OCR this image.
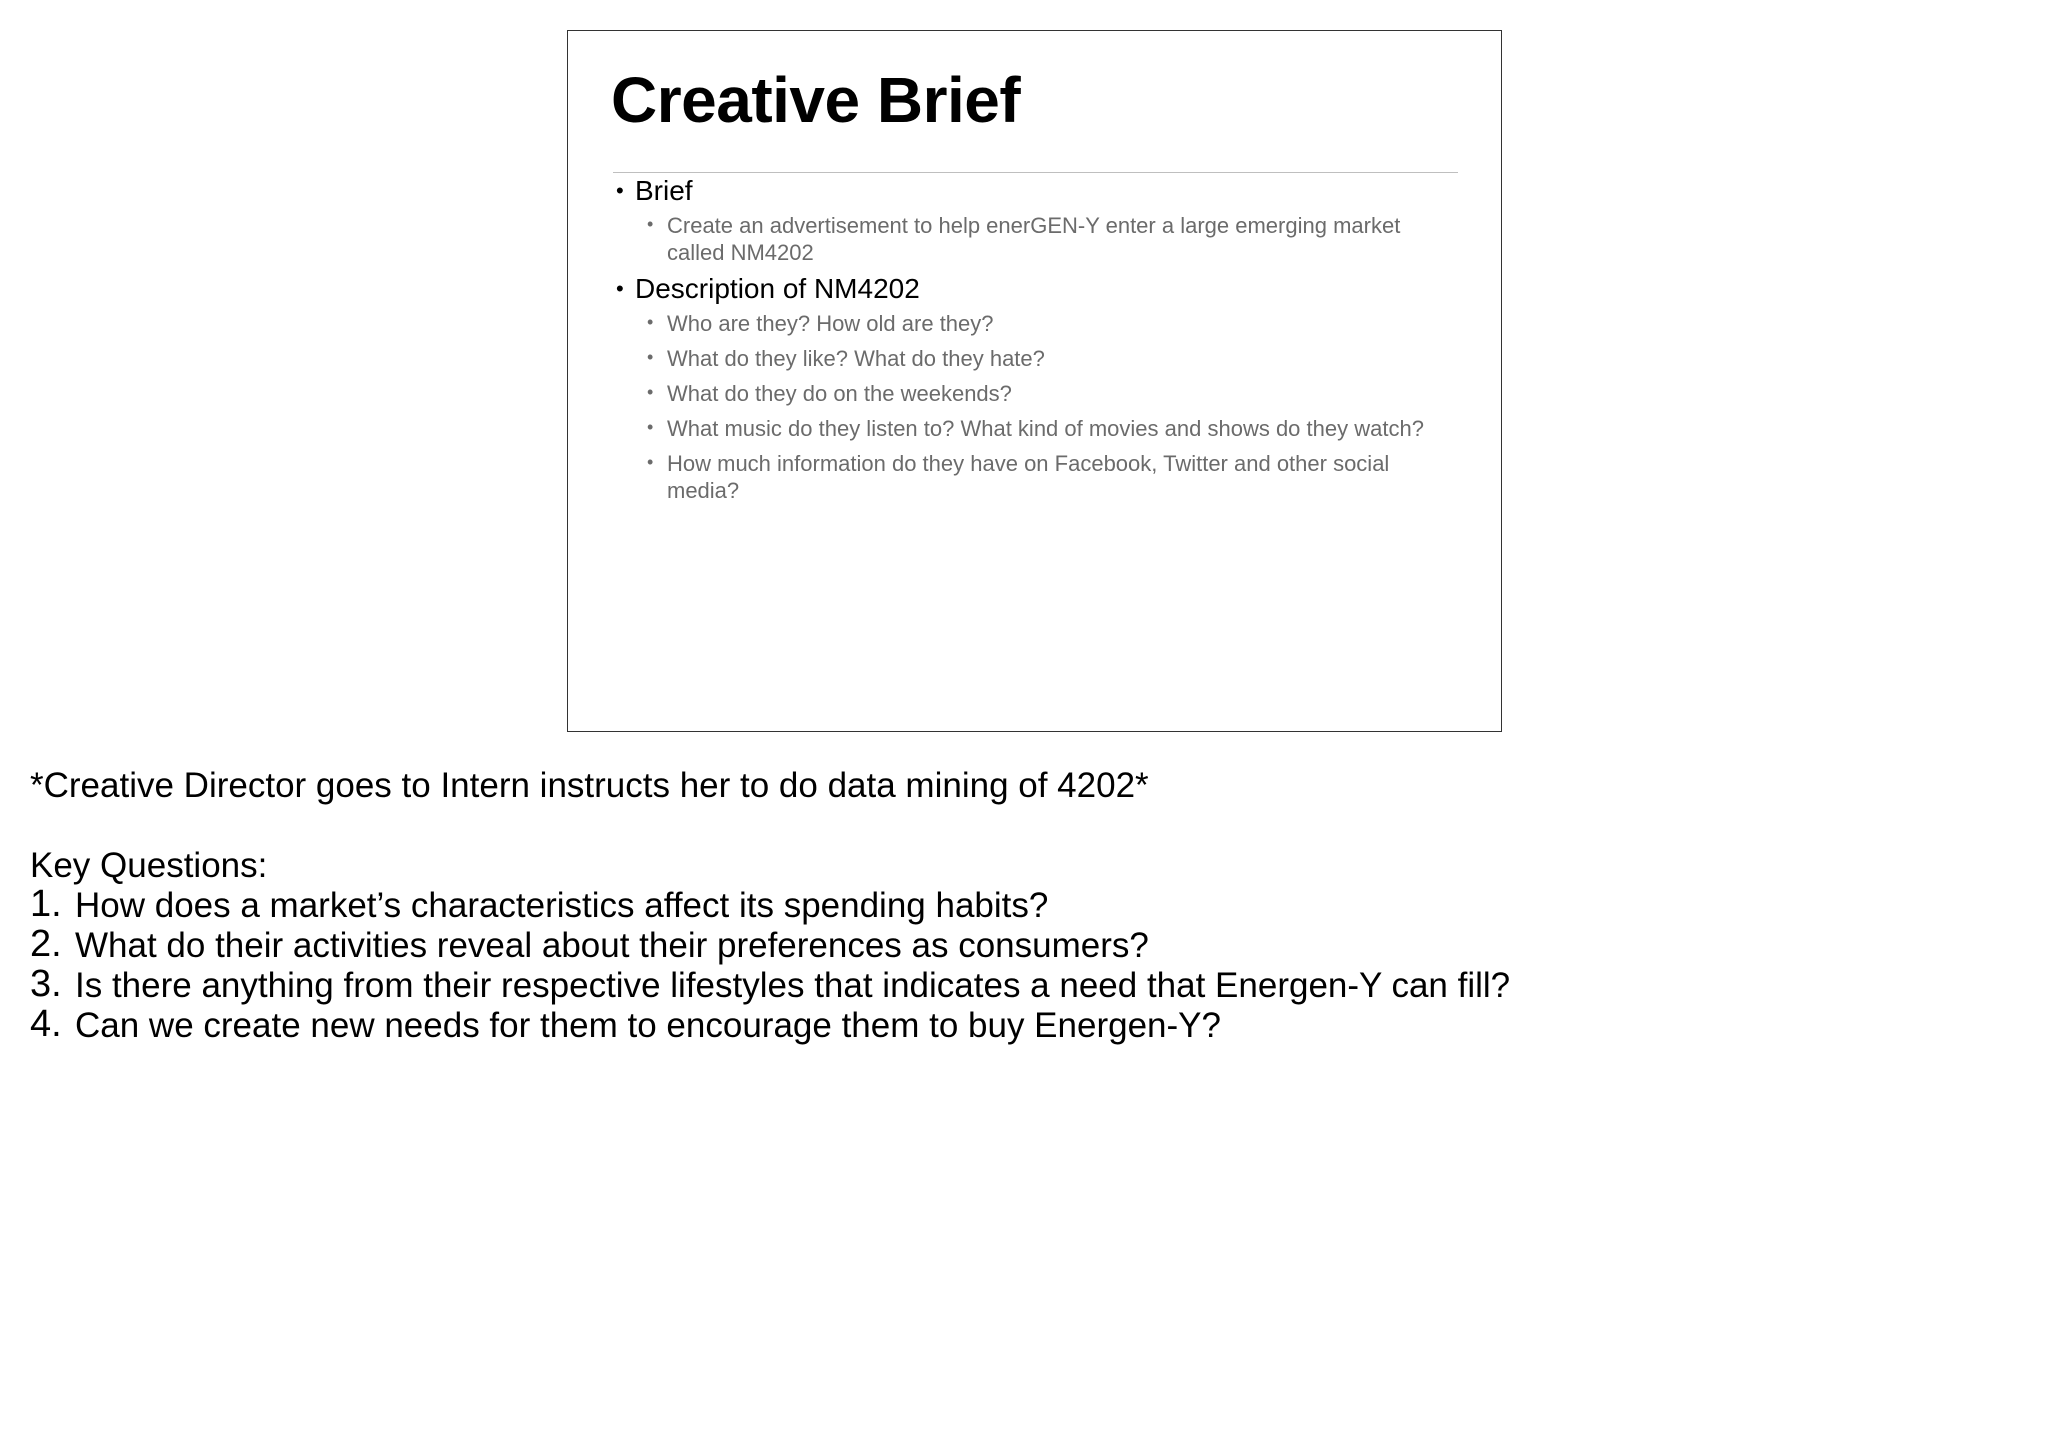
Creative Brief
• Brief
• Create an advertisement to help enerGEN-Y enter a large emerging market called NM4202
• Description of NM4202
• Who are they? How old are they?
• What do they like? What do they hate?
• What do they do on the weekends?
• What music do they listen to? What kind of movies and shows do they watch?
• How much information do they have on Facebook, Twitter and other social media?
*Creative Director goes to Intern instructs her to do data mining of 4202*
Key Questions:
1. How does a market’s characteristics affect its spending habits?
2. What do their activities reveal about their preferences as consumers?
3. Is there anything from their respective lifestyles that indicates a need that Energen-Y can fill?
4. Can we create new needs for them to encourage them to buy Energen-Y?
